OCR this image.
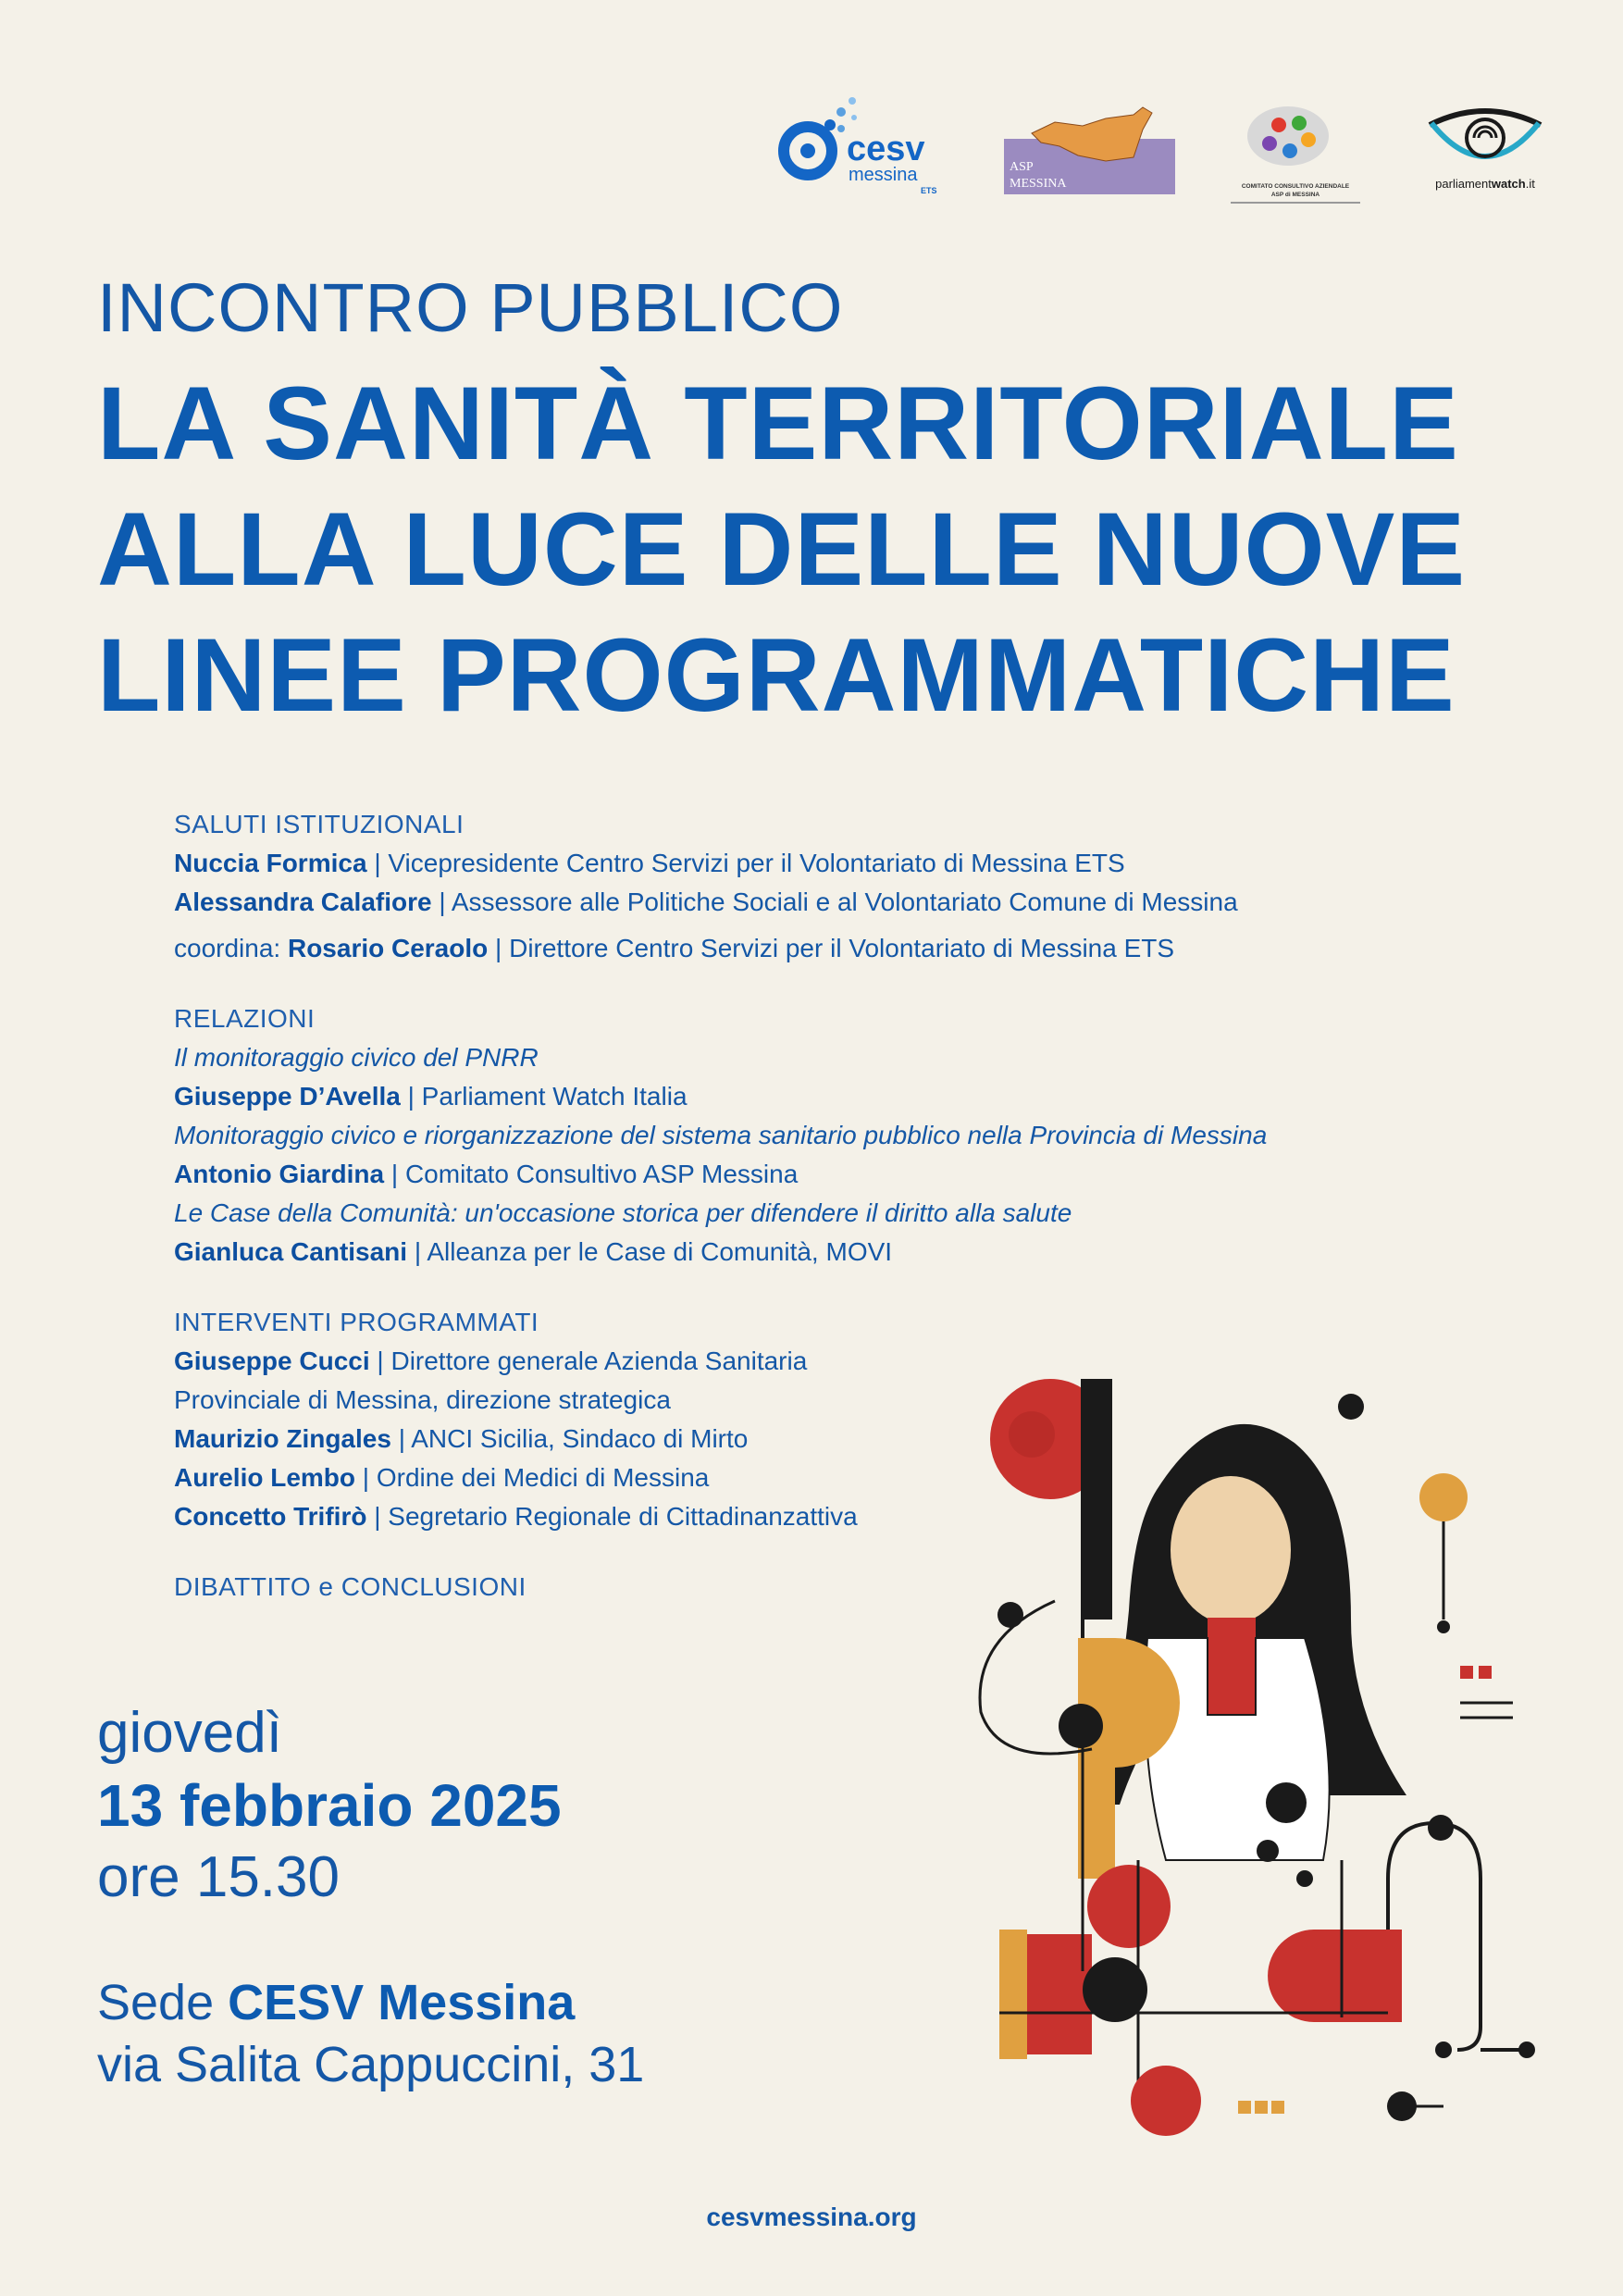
cesv
messina
ETS
ASP
MESSINA	COMITATO CONSULTIVO AZIENDALE
ASP di MESSINA
parliamentwatch.it
INCONTRO PUBBLICO
LA SANITÀ TERRITORIALE
ALLA LUCE DELLE NUOVE
LINEE PROGRAMMATICHE
SALUTI ISTITUZIONALI
Nuccia Formica | Vicepresidente Centro Servizi per il Volontariato di Messina ETS
Alessandra Calafiore | Assessore alle Politiche Sociali e al Volontariato Comune di Messina
coordina: Rosario Ceraolo | Direttore Centro Servizi per il Volontariato di Messina ETS
RELAZIONI
Il monitoraggio civico del PNRR
Giuseppe D’Avella | Parliament Watch Italia
Monitoraggio civico e riorganizzazione del sistema sanitario pubblico nella Provincia di Messina
Antonio Giardina | Comitato Consultivo ASP Messina
Le Case della Comunità: un'occasione storica per difendere il diritto alla salute
Gianluca Cantisani | Alleanza per le Case di Comunità, MOVI
INTERVENTI PROGRAMMATI
Giuseppe Cucci | Direttore generale Azienda Sanitaria
Provinciale di Messina, direzione strategica
Maurizio Zingales | ANCI Sicilia, Sindaco di Mirto
Aurelio Lembo | Ordine dei Medici di Messina
Concetto Trifirò | Segretario Regionale di Cittadinanzattiva
DIBATTITO e CONCLUSIONI
giovedì
13 febbraio 2025
ore 15.30
Sede CESV Messina
via Salita Cappuccini, 31
cesvmessina.org
